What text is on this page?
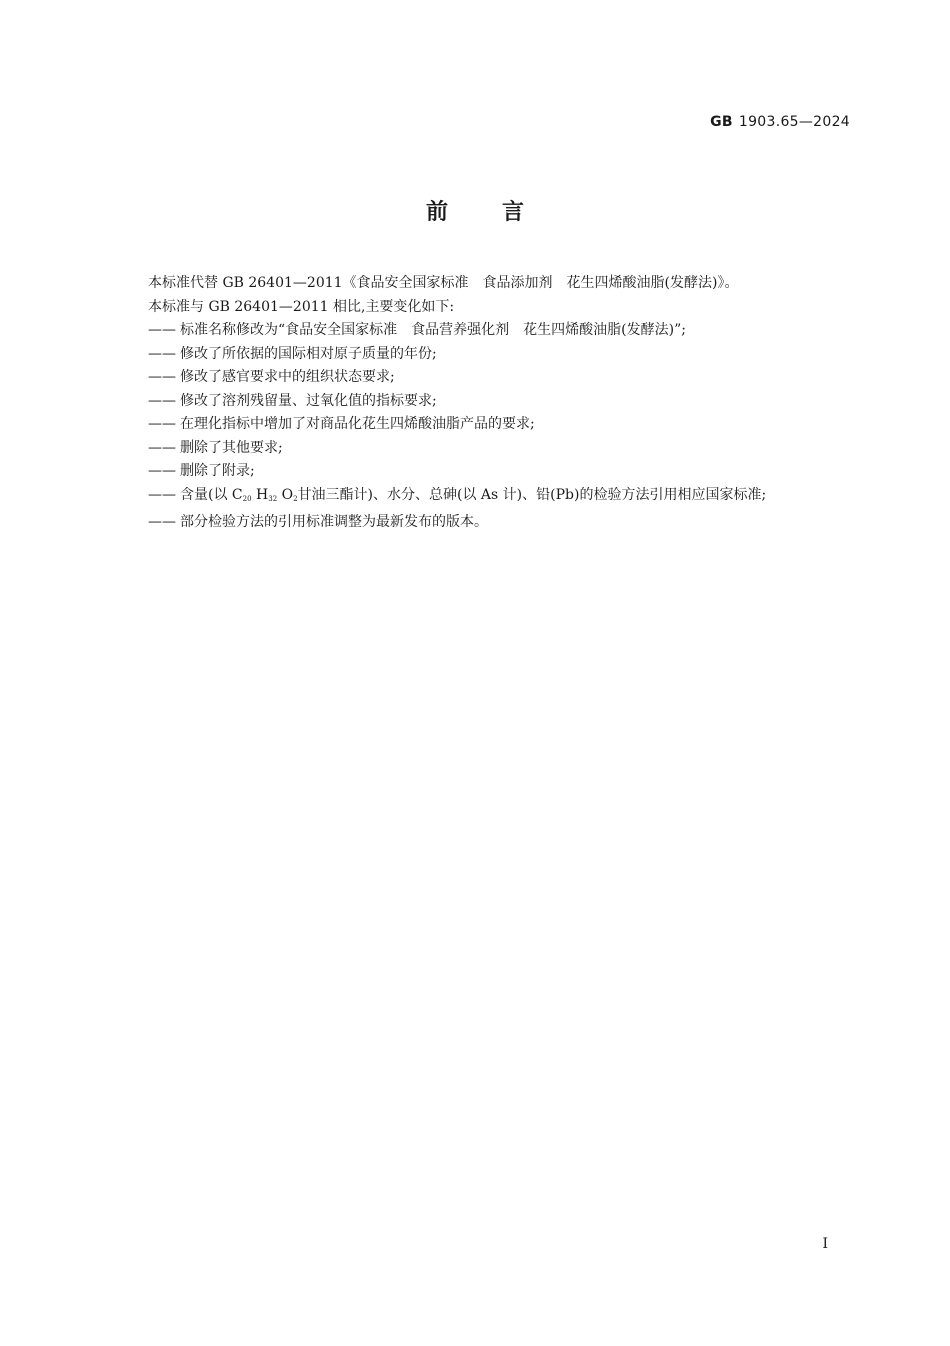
GB 1903.65—2024
前言
本标准代替 GB 26401—2011《食品安全国家标准　食品添加剂　花生四烯酸油脂(发酵法)》。
本标准与 GB 26401—2011 相比,主要变化如下:
—— 标准名称修改为“食品安全国家标准　食品营养强化剂　花生四烯酸油脂(发酵法)”;
—— 修改了所依据的国际相对原子质量的年份;
—— 修改了感官要求中的组织状态要求;
—— 修改了溶剂残留量、过氧化值的指标要求;
—— 在理化指标中增加了对商品化花生四烯酸油脂产品的要求;
—— 删除了其他要求;
—— 删除了附录;
—— 含量(以 $C_{20}$ $H_{32}$ $O_2$甘油三酯计)、水分、总砷(以 As 计)、铅(Pb)的检验方法引用相应国家标准;
—— 部分检验方法的引用标准调整为最新发布的版本。
I
